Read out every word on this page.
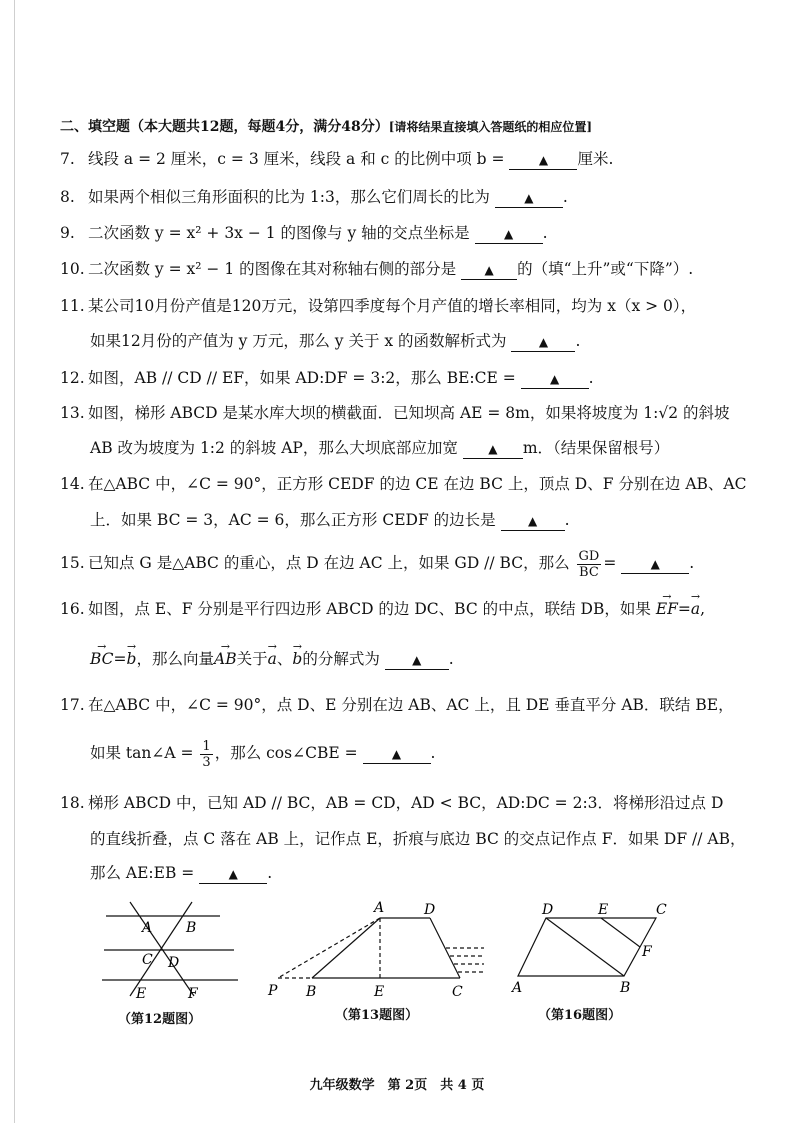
二、填空题（本大题共12题，每题4分，满分48分）[请将结果直接填入答题纸的相应位置]
7. 线段 a = 2 厘米，c = 3 厘米，线段 a 和 c 的比例中项 b =	▲ 厘米.
8. 如果两个相似三角形面积的比为 1:3，那么它们周长的比为	▲ .
9. 二次函数 y = x² + 3x − 1 的图像与 y 轴的交点坐标是	▲ .
10. 二次函数 y = x² − 1 的图像在其对称轴右侧的部分是 ▲ 的（填“上升”或“下降”）.
11. 某公司10月份产值是120万元，设第四季度每个月产值的增长率相同，均为 x（x > 0），
如果12月份的产值为 y 万元，那么 y 关于 x 的函数解析式为	▲ .
12. 如图，AB // CD // EF，如果 AD:DF = 3:2，那么 BE:CE =	▲ .
13. 如图，梯形 ABCD 是某水库大坝的横截面．已知坝高 AE = 8m，如果将坡度为 1:√2 的斜坡
AB 改为坡度为 1:2 的斜坡 AP，那么大坝底部应加宽	▲ m．（结果保留根号）
14. 在△ABC 中，∠C = 90°，正方形 CEDF 的边 CE 在边 BC 上，顶点 D、F 分别在边 AB、AC
上．如果 BC = 3，AC = 6，那么正方形 CEDF 的边长是	▲ .
15. 已知点 G 是△ABC 的重心，点 D 在边 AC 上，如果 GD // BC，那么 $\frac{GD}{BC}$ =	▲ .
16. 如图，点 E、F 分别是平行四边形 ABCD 的边 DC、BC 的中点，联结 DB，如果 → EF=→ a,
→ BC=→ b，那么向量→ AB关于→ a、→ b的分解式为	▲ .
17. 在△ABC 中，∠C = 90°，点 D、E 分别在边 AB、AC 上，且 DE 垂直平分 AB．联结 BE，
如果 tan∠A = $\frac{1}{3}$ ，那么 cos∠CBE =	▲ .
18. 梯形 ABCD 中，已知 AD // BC，AB = CD，AD < BC，AD:DC = 2:3．将梯形沿过点 D
的直线折叠，点 C 落在 AB 上，记作点 E，折痕与底边 BC 的交点记作点 F．如果 DF // AB，
那么 AE:EB =	▲ .
A B
C D
E	F
（第12题图）
A	D
P B	E	C
（第13题图）
D	E	C
F
A	B
（第16题图）
九年级数学　第 2页　共 4 页
